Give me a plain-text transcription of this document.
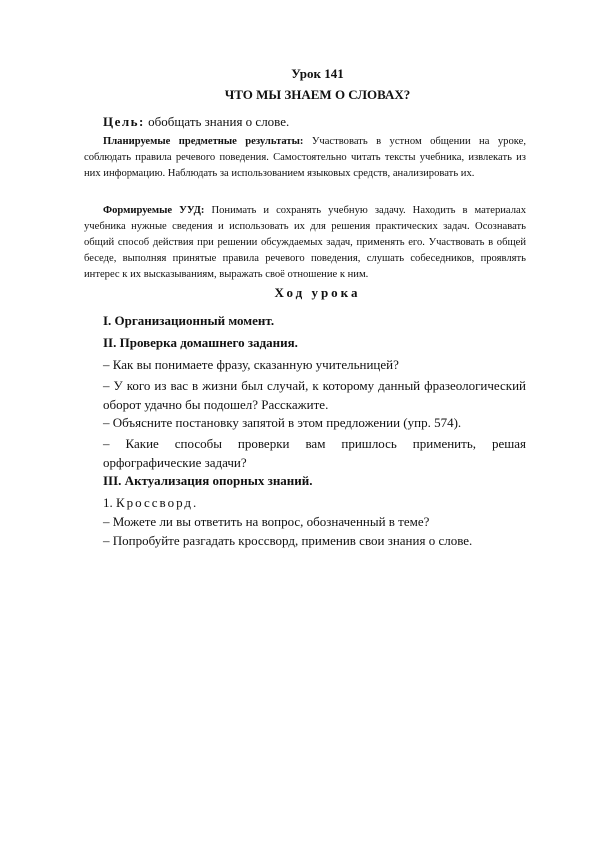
Урок 141
ЧТО МЫ ЗНАЕМ О СЛОВАХ?
Цель: обобщать знания о слове.
Планируемые предметные результаты: Участвовать в устном общении на уроке, соблюдать правила речевого поведения. Самостоятельно читать тексты учебника, извлекать из них информацию. Наблюдать за использованием языковых средств, анализировать их.
Формируемые УУД: Понимать и сохранять учебную задачу. Находить в материалах учебника нужные сведения и использовать их для решения практических задач. Осознавать общий способ действия при решении обсуждаемых задач, применять его. Участвовать в общей беседе, выполняя принятые правила речевого поведения, слушать собеседников, проявлять интерес к их высказываниям, выражать своё отношение к ним.
Ход урока
I. Организационный момент.
II. Проверка домашнего задания.
– Как вы понимаете фразу, сказанную учительницей?
– У кого из вас в жизни был случай, к которому данный фразеологический
оборот удачно бы подошел? Расскажите.
– Объясните постановку запятой в этом предложении (упр. 574).
– Какие способы проверки вам пришлось применить, решая
орфографические задачи?
III. Актуализация опорных знаний.
1. Кроссворд.
– Можете ли вы ответить на вопрос, обозначенный в теме?
– Попробуйте разгадать кроссворд, применив свои знания о слове.
